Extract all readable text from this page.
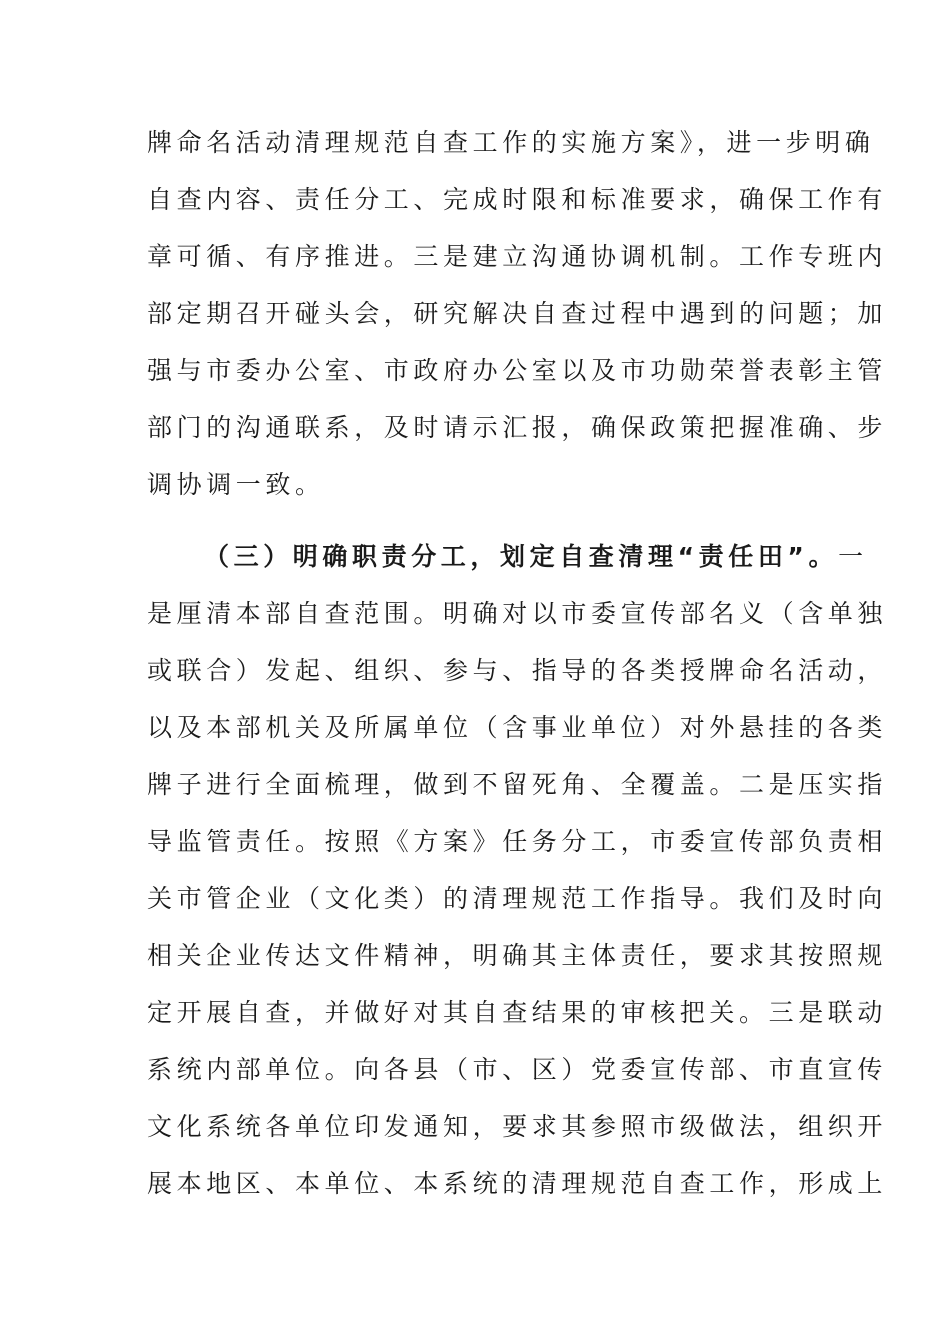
牌命名活动清理规范自查工作的实施方案》，进一步明确
自查内容、责任分工、完成时限和标准要求，确保工作有
章可循、有序推进。三是建立沟通协调机制。工作专班内
部定期召开碰头会，研究解决自查过程中遇到的问题；加
强与市委办公室、市政府办公室以及市功勋荣誉表彰主管
部门的沟通联系，及时请示汇报，确保政策把握准确、步
调协调一致。
（三）明确职责分工，划定自查清理“责任田”。一
是厘清本部自查范围。明确对以市委宣传部名义（含单独
或联合）发起、组织、参与、指导的各类授牌命名活动，
以及本部机关及所属单位（含事业单位）对外悬挂的各类
牌子进行全面梳理，做到不留死角、全覆盖。二是压实指
导监管责任。按照《方案》任务分工，市委宣传部负责相
关市管企业（文化类）的清理规范工作指导。我们及时向
相关企业传达文件精神，明确其主体责任，要求其按照规
定开展自查，并做好对其自查结果的审核把关。三是联动
系统内部单位。向各县（市、区）党委宣传部、市直宣传
文化系统各单位印发通知，要求其参照市级做法，组织开
展本地区、本单位、本系统的清理规范自查工作，形成上
